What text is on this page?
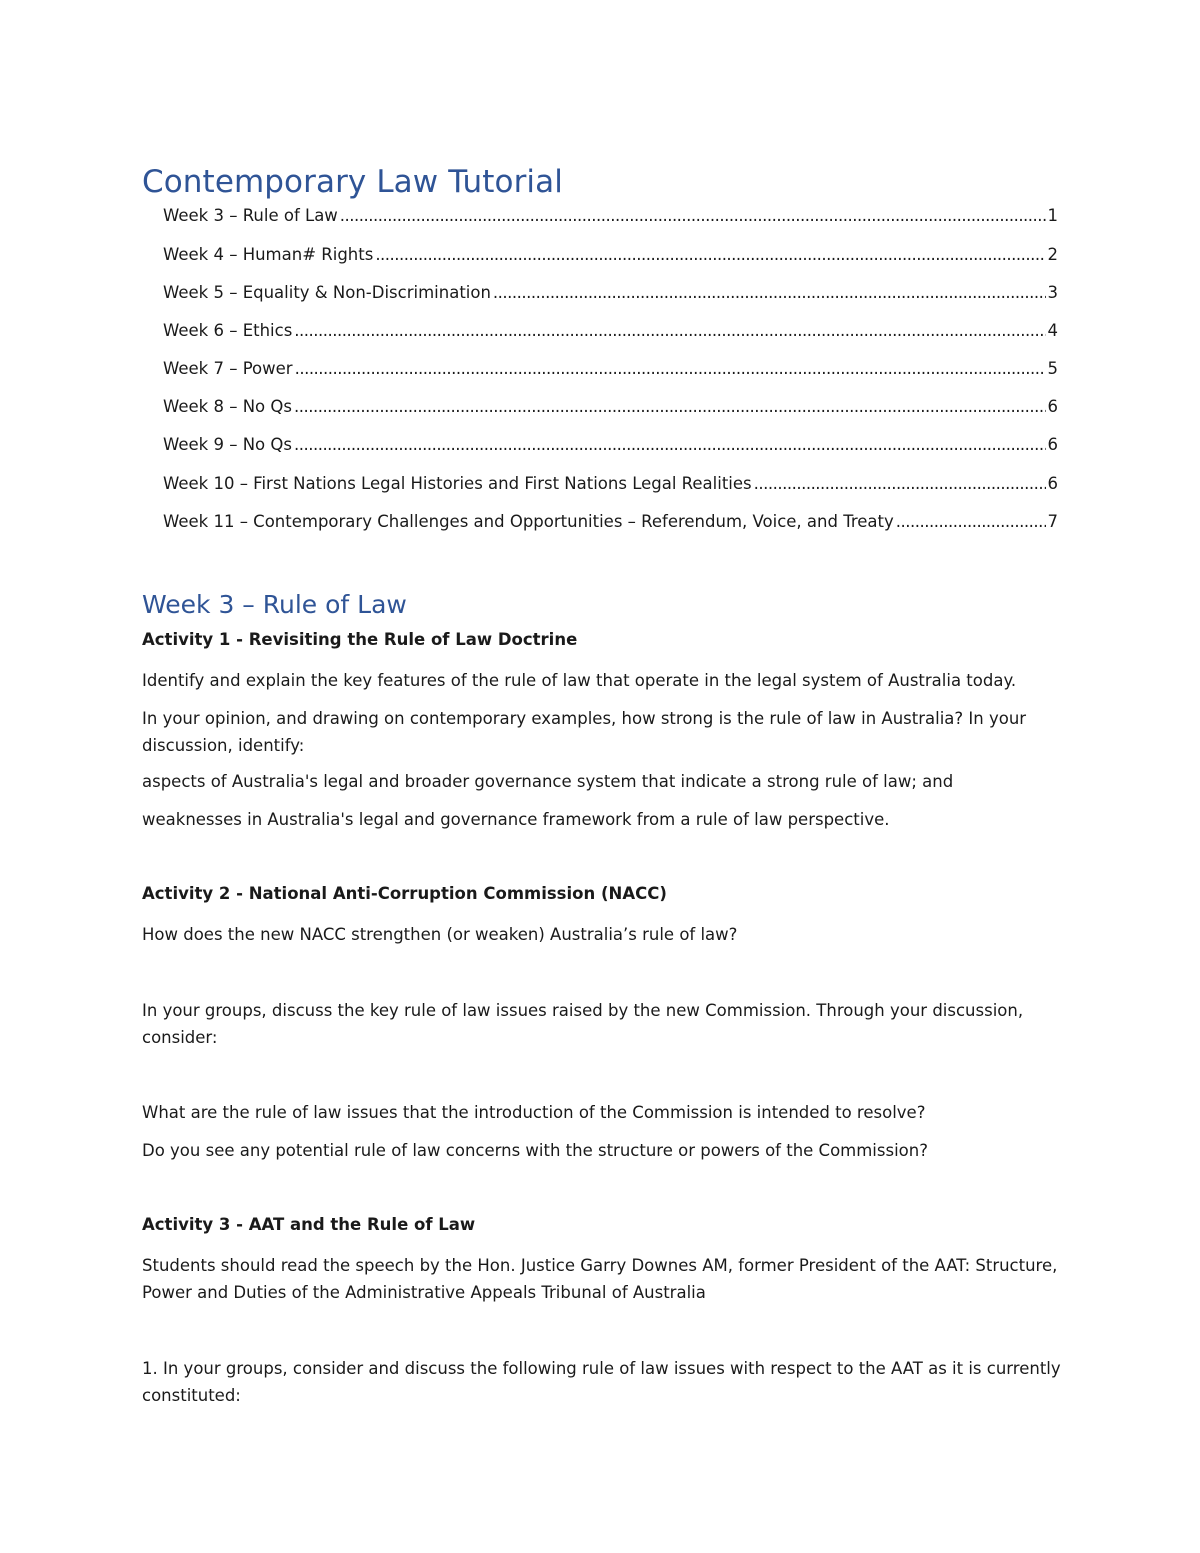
Contemporary Law Tutorial
Week 3 – Rule of Law .....	1
Week 4 – Human# Rights .....	2
Week 5 – Equality & Non-Discrimination .....	3
Week 6 – Ethics .....	4
Week 7 – Power .....	5
Week 8 – No Qs .....	6
Week 9 – No Qs .....	6
Week 10 – First Nations Legal Histories and First Nations Legal Realities .....	6
Week 11 – Contemporary Challenges and Opportunities – Referendum, Voice, and Treaty .....	7
Week 3 – Rule of Law
Activity 1 - Revisiting the Rule of Law Doctrine
Identify and explain the key features of the rule of law that operate in the legal system of Australia today.
In your opinion, and drawing on contemporary examples, how strong is the rule of law in Australia? In your discussion, identify:
aspects of Australia's legal and broader governance system that indicate a strong rule of law; and
weaknesses in Australia's legal and governance framework from a rule of law perspective.
Activity 2 - National Anti-Corruption Commission (NACC)
How does the new NACC strengthen (or weaken) Australia’s rule of law?
In your groups, discuss the key rule of law issues raised by the new Commission. Through your discussion, consider:
What are the rule of law issues that the introduction of the Commission is intended to resolve?
Do you see any potential rule of law concerns with the structure or powers of the Commission?
Activity 3 - AAT and the Rule of Law
Students should read the speech by the Hon. Justice Garry Downes AM, former President of the AAT: Structure, Power and Duties of the Administrative Appeals Tribunal of Australia
1. In your groups, consider and discuss the following rule of law issues with respect to the AAT as it is currently constituted:
